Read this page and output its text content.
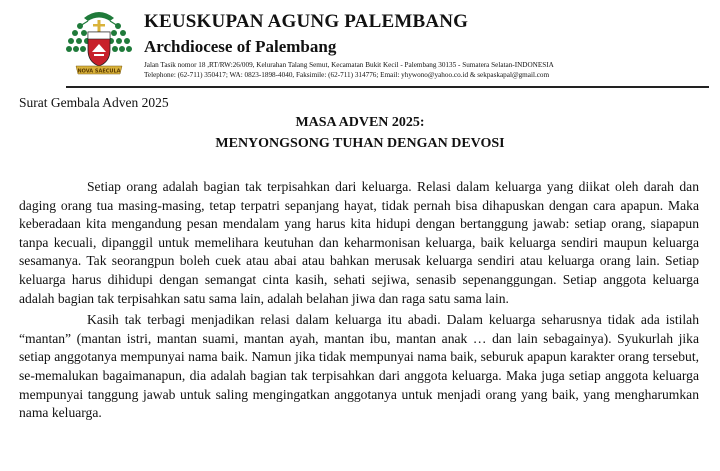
NOVA SAECULA
KEUSKUPAN AGUNG PALEMBANG
Archdiocese of Palembang
Jalan Tasik nomor 18 ,RT/RW:26/009, Kelurahan Talang Semut, Kecamatan Bukit Kecil - Palembang 30135 - Sumatera Selatan-INDONESIA
Telephone: (62-711) 350417; WA: 0823-1898-4040, Faksimile: (62-711) 314776; Email: yhywono@yahoo.co.id & sekpaskapal@gmail.com
Surat Gembala Adven 2025
MASA ADVEN 2025:
MENYONGSONG TUHAN DENGAN DEVOSI

Setiap orang adalah bagian tak terpisahkan dari keluarga. Relasi dalam keluarga yang diikat oleh darah dan daging orang tua masing-masing, tetap terpatri sepanjang hayat, tidak pernah bisa dihapuskan dengan cara apapun. Maka keberadaan kita mengandung pesan mendalam yang harus kita hidupi dengan bertanggung jawab: setiap orang, siapapun tanpa kecuali, dipanggil untuk memelihara keutuhan dan keharmonisan keluarga, baik keluarga sendiri maupun keluarga sesamanya. Tak seorangpun boleh cuek atau abai atau bahkan merusak keluarga sendiri atau keluarga orang lain. Setiap keluarga harus dihidupi dengan semangat cinta kasih, sehati sejiwa, senasib sepenanggungan. Setiap anggota keluarga adalah bagian tak terpisahkan satu sama lain, adalah belahan jiwa dan raga satu sama lain.

Kasih tak terbagi menjadikan relasi dalam keluarga itu abadi. Dalam keluarga seharusnya tidak ada istilah “mantan” (mantan istri, mantan suami, mantan ayah, mantan ibu, mantan anak … dan lain sebagainya). Syukurlah jika setiap anggotanya mempunyai nama baik. Namun jika tidak mempunyai nama baik, seburuk apapun karakter orang tersebut, se-memalukan bagaimanapun, dia adalah bagian tak terpisahkan dari anggota keluarga. Maka juga setiap anggota keluarga mempunyai tanggung jawab untuk saling mengingatkan anggotanya untuk menjadi orang yang baik, yang mengharumkan nama keluarga.
